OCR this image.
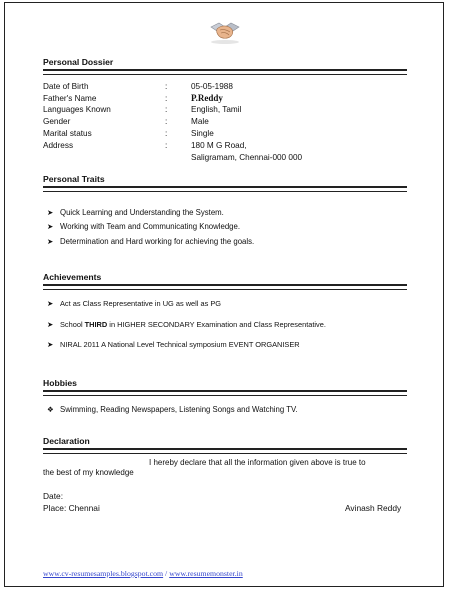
Personal Dossier
Date of Birth	:	05-05-1988
Father's Name	:	P.Reddy
Languages Known	:	English, Tamil
Gender	:	Male
Marital status	:	Single
Address	:	180 M G Road,
Saligramam, Chennai-000 000
Personal Traits
➤ Quick Learning and Understanding the System.
➤ Working with Team and Communicating Knowledge.
➤ Determination and Hard working for achieving the goals.
Achievements
➤ Act as Class Representative in UG as well as PG
➤ School THIRD in HIGHER SECONDARY Examination and Class Representative.
➤ NIRAL 2011 A National Level Technical symposium EVENT ORGANISER
Hobbies
❖ Swimming, Reading Newspapers, Listening Songs and Watching TV.
Declaration
I hereby declare that all the information given above is true to
the best of my knowledge
Date:
Place: Chennai	Avinash Reddy
www.cv-resumesamples.blogspot.com / www.resumemonster.in
